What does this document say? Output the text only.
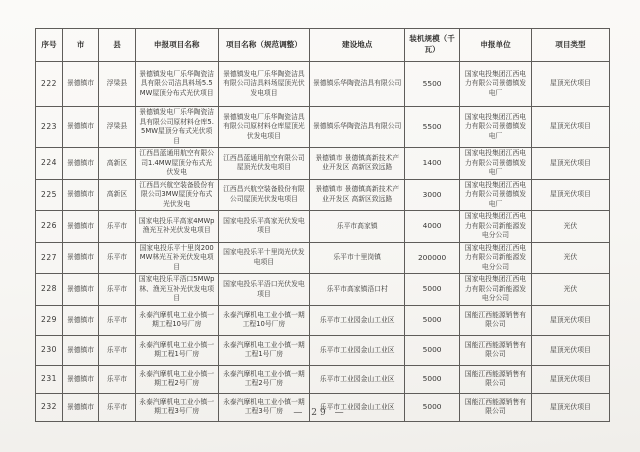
序号	市	县	申报项目名称	项目名称（规范调整）	建设地点	装机规模（千瓦）	申报单位	项目类型
222	景德镇市	浮梁县	景德镇发电厂乐华陶瓷洁具有限公司洁具料场5.5MW屋顶分布式光伏项目	景德镇发电厂乐华陶瓷洁具有限公司洁具料场屋顶光伏发电项目	景德镇乐华陶瓷洁具有限公司	5500	国家电投集团江西电力有限公司景德镇发电厂	屋顶光伏项目
223	景德镇市	浮梁县	景德镇发电厂乐华陶瓷洁具有限公司原材料仓库5.5MW屋顶分布式光伏项目	景德镇发电厂乐华陶瓷洁具有限公司原材料仓库屋顶光伏发电项目	景德镇乐华陶瓷洁具有限公司	5500	国家电投集团江西电力有限公司景德镇发电厂	屋顶光伏项目
224	景德镇市	高新区	江西昌蓝通用航空有限公司1.4MW屋顶分布式光伏发电	江西昌蓝通用航空有限公司屋顶光伏发电项目	景德镇市 景德镇高新技术产业开发区 高新区致远路	1400	国家电投集团江西电力有限公司景德镇发电厂	屋顶光伏项目
225	景德镇市	高新区	江西昌兴航空装备股份有限公司3MW屋顶分布式光伏发电	江西昌兴航空装备股份有限公司屋顶光伏发电项目	景德镇市 景德镇高新技术产业开发区 高新区致远路	3000	国家电投集团江西电力有限公司景德镇发电厂	屋顶光伏项目
226	景德镇市	乐平市	国家电投乐平高家4MWp渔光互补光伏发电项目	国家电投乐平高家光伏发电项目	乐平市高家镇	4000	国家电投集团江西电力有限公司新能源发电分公司	光伏
227	景德镇市	乐平市	国家电投乐平十里岗200MW林光互补光伏发电项目	国家电投乐平十里岗光伏发电项目	乐平市十里岗镇	200000	国家电投集团江西电力有限公司新能源发电分公司	光伏
228	景德镇市	乐平市	国家电投乐平浯口5MWp林、渔光互补光伏发电项目	国家电投乐平浯口光伏发电项目	乐平市高家镇浯口村	5000	国家电投集团江西电力有限公司新能源发电分公司	光伏
229	景德镇市	乐平市	永泰汽摩机电工业小镇一期工程10号厂房	永泰汽摩机电工业小镇一期工程10号厂房	乐平市工业园金山工业区	5000	国能江西能源销售有限公司	屋顶光伏项目
230	景德镇市	乐平市	永泰汽摩机电工业小镇一期工程1号厂房	永泰汽摩机电工业小镇一期工程1号厂房	乐平市工业园金山工业区	5000	国能江西能源销售有限公司	屋顶光伏项目
231	景德镇市	乐平市	永泰汽摩机电工业小镇一期工程2号厂房	永泰汽摩机电工业小镇一期工程2号厂房	乐平市工业园金山工业区	5000	国能江西能源销售有限公司	屋顶光伏项目
232	景德镇市	乐平市	永泰汽摩机电工业小镇一期工程3号厂房	永泰汽摩机电工业小镇一期工程3号厂房	乐平市工业园金山工业区	5000	国能江西能源销售有限公司	屋顶光伏项目
— 29 —
